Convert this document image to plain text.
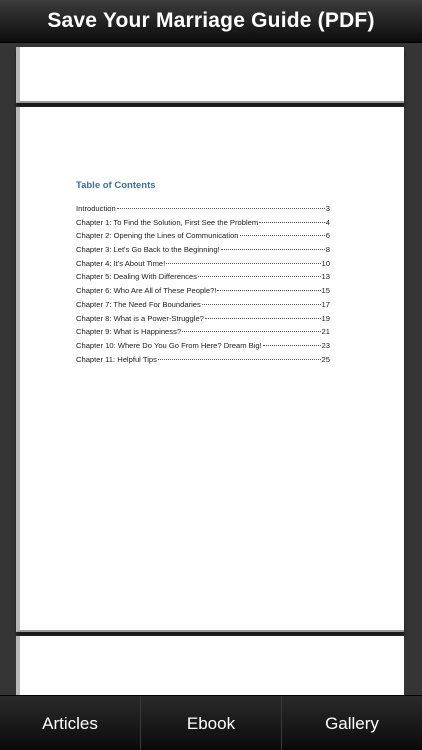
Save Your Marriage Guide (PDF)
Table of Contents
Introduction	3
Chapter 1: To Find the Solution, First See the Problem	4
Chapter 2: Opening the Lines of Communication	6
Chapter 3: Let's Go Back to the Beginning!	8
Chapter 4: It's About Time!	10
Chapter 5: Dealing With Differences	13
Chapter 6: Who Are All of These People?!	15
Chapter 7: The Need For Boundaries	17
Chapter 8: What is a Power-Struggle?	19
Chapter 9: What is Happiness?	21
Chapter 10: Where Do You Go From Here? Dream Big!	23
Chapter 11: Helpful Tips	25
Articles	Ebook	Gallery
